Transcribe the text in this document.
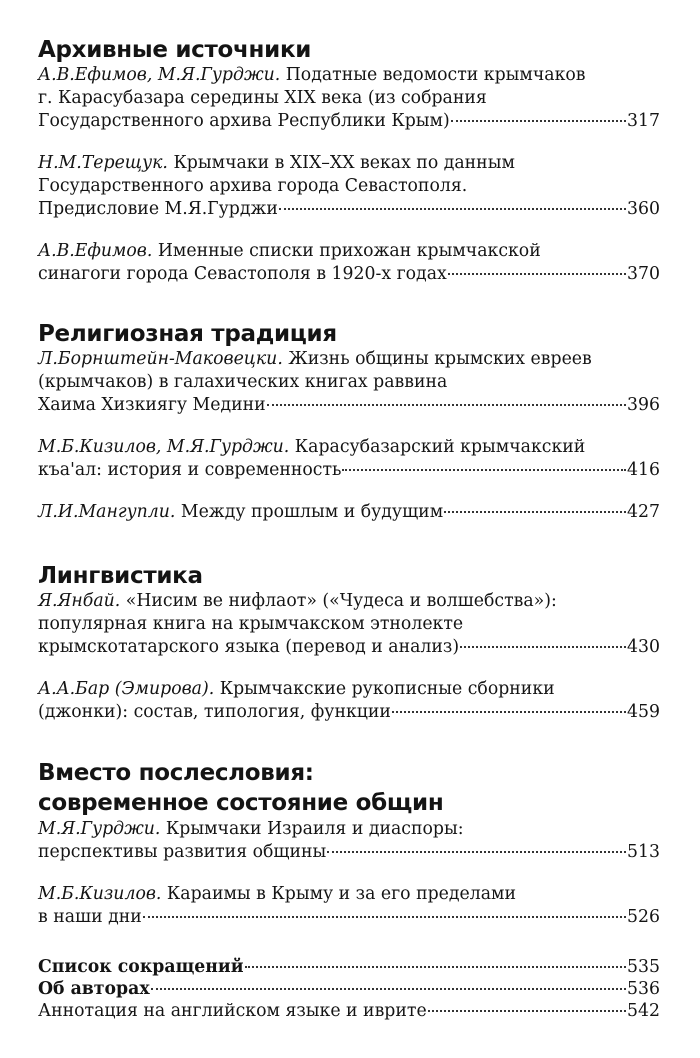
Архивные источники
А.В.Ефимов, М.Я.Гурджи. Податные ведомости крымчаков
г. Карасубазара середины XIX века (из собрания
Государственного архива Республики Крым)	317
Н.М.Терещук. Крымчаки в XIX–XX веках по данным
Государственного архива города Севастополя.
Предисловие М.Я.Гурджи	360
А.В.Ефимов. Именные списки прихожан крымчакской
синагоги города Севастополя в 1920-х годах	370
Религиозная традиция
Л.Борнштейн-Маковецки. Жизнь общины крымских евреев
(крымчаков) в галахических книгах раввина
Хаима Хизкиягу Медини	396
М.Б.Кизилов, М.Я.Гурджи. Карасубазарский крымчакский
къа'ал: история и современность	416
Л.И.Мангупли. Между прошлым и будущим	427
Лингвистика
Я.Янбай. «Нисим ве нифлаот» («Чудеса и волшебства»):
популярная книга на крымчакском этнолекте
крымскотатарского языка (перевод и анализ)	430
А.А.Бар (Эмирова). Крымчакские рукописные сборники
(джонки): состав, типология, функции	459
Вместо послесловия:
современное состояние общин
М.Я.Гурджи. Крымчаки Израиля и диаспоры:
перспективы развития общины	513
М.Б.Кизилов. Караимы в Крыму и за его пределами
в наши дни	526
Список сокращений	535
Об авторах	536
Аннотация на английском языке и иврите	542
